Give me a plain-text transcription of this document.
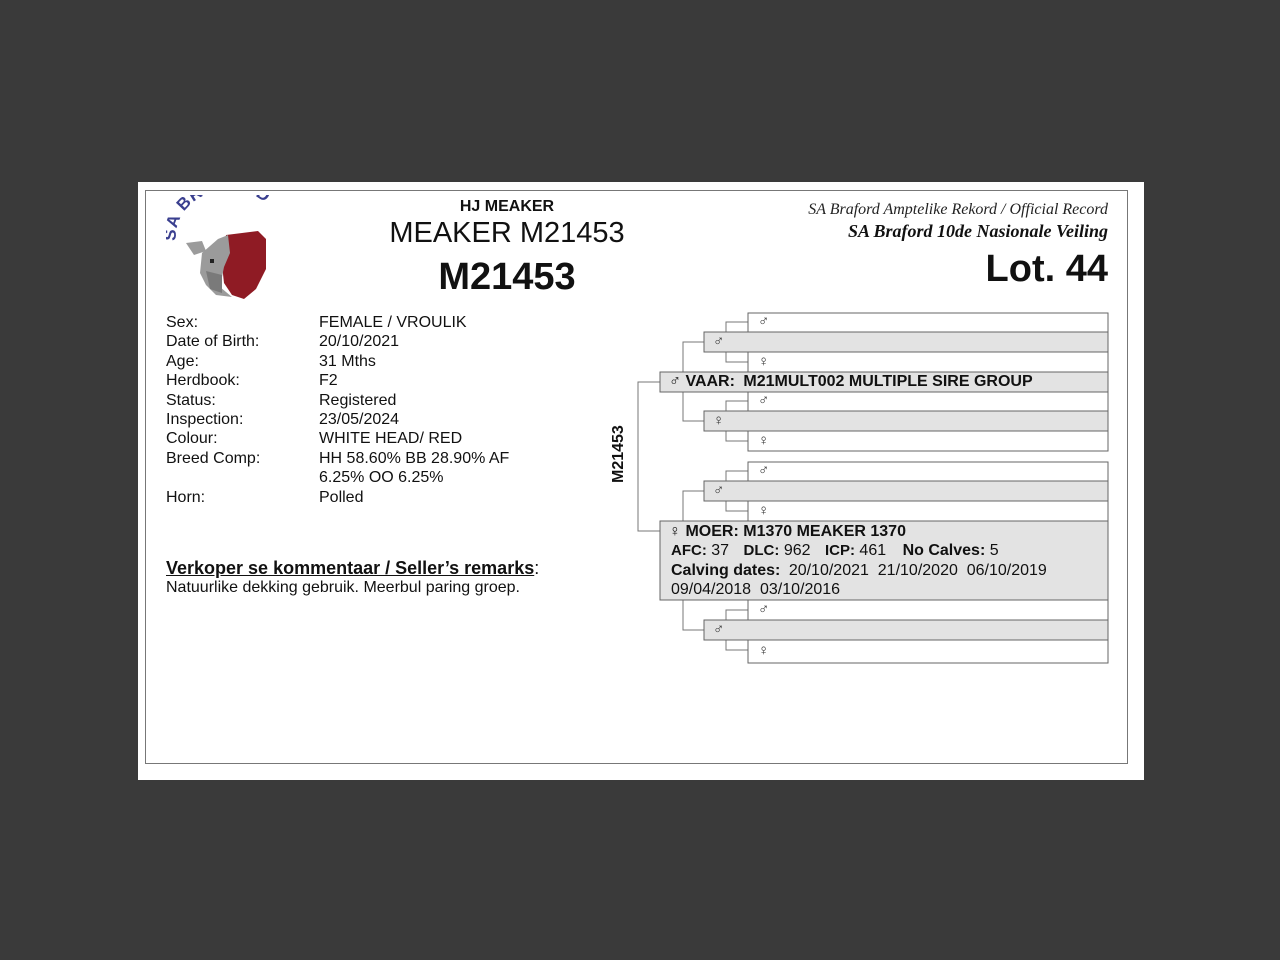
B	HJ MEAKER
MEAKER M21453
M21453
SA Braford Amptelike Rekord / Official Record
SA Braford 10de Nasionale Veiling
Lot. 44
Sex:	FEMALE / VROULIK
Date of Birth:	20/10/2021
Age:	31 Mths
Herdbook:	F2
Status:	Registered
Inspection:	23/05/2024
Colour:	WHITE HEAD/ RED
Breed Comp:	HH 58.60% BB 28.90% AF 6.25% OO 6.25%
Horn:	Polled
Verkoper se kommentaar / Seller’s remarks:
Natuurlike dekking gebruik. Meerbul paring groep.
M21453
♂
♂
♀
♂
♀
♀
♂
♂
♀
♂
♂
♀
♂ VAAR: M21MULT002 MULTIPLE SIRE GROUP
♀ MOER: M1370 MEAKER 1370
AFC: 37 DLC: 962 ICP: 461 No Calves: 5
Calving dates: 20/10/2021  21/10/2020  06/10/2019
09/04/2018  03/10/2016
